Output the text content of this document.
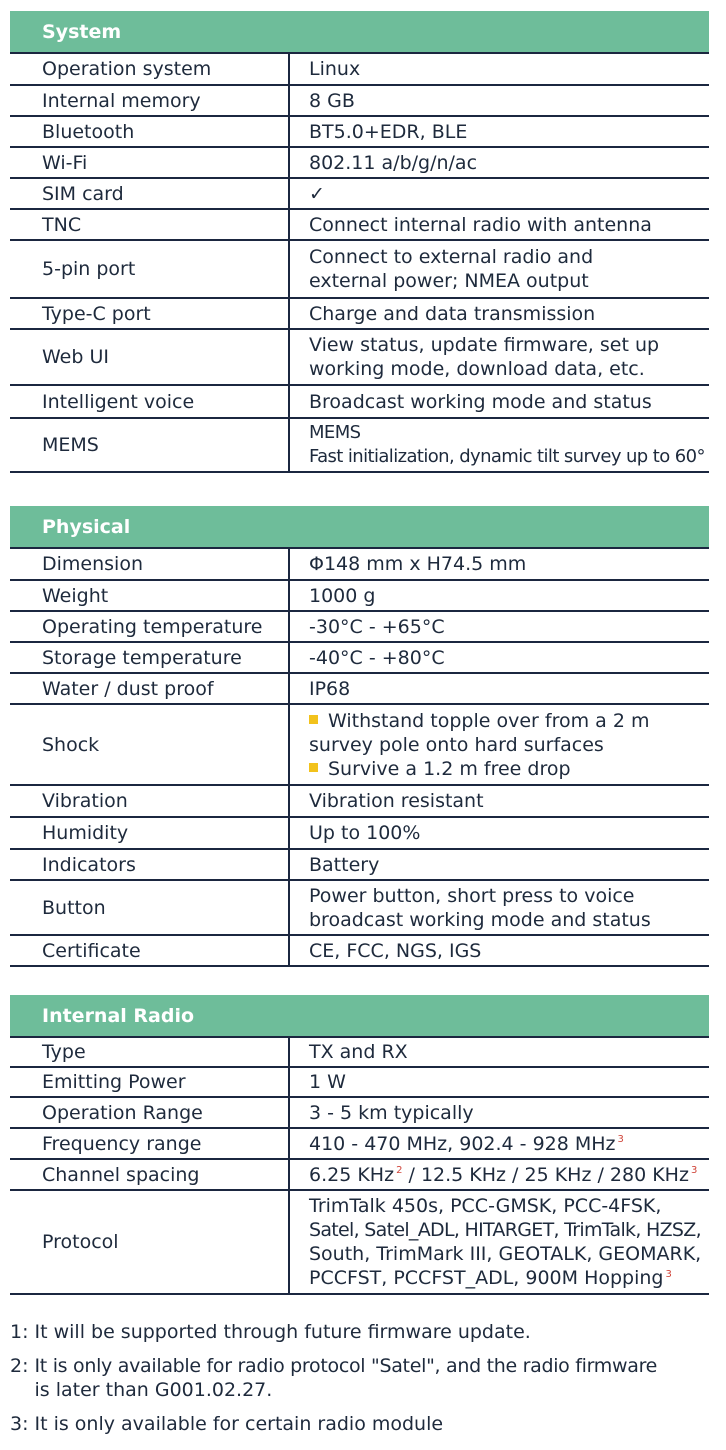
System
Operation system	Linux
Internal memory	8 GB
Bluetooth	BT5.0+EDR, BLE
Wi-Fi	802.11 a/b/g/n/ac
SIM card	✓
TNC	Connect internal radio with antenna
5-pin port	Connect to external radio and
external power; NMEA output

Type-C port	Charge and data transmission
Web UI	View status, update firmware, set up
working mode, download data, etc.

Intelligent voice	Broadcast working mode and status
MEMS	MEMS
Fast initialization, dynamic tilt survey up to 60°
Physical
Dimension	Φ148 mm x H74.5 mm
Weight	1000 g
Operating temperature	-30°C - +65°C
Storage temperature	-40°C - +80°C
Water / dust proof	IP68
Shock	Withstand topple over from a 2 m
survey pole onto hard surfaces
Survive a 1.2 m free drop

Vibration	Vibration resistant
Humidity	Up to 100%
Indicators	Battery
Button	Power button, short press to voice
broadcast working mode and status

Certificate	CE, FCC, NGS, IGS
Internal Radio
Type	TX and RX
Emitting Power	1 W
Operation Range	3 - 5 km typically
Frequency range	410 - 470 MHz, 902.4 - 928 MHz $^3$
Channel spacing	6.25 KHz $^2$ / 12.5 KHz / 25 KHz / 280 KHz $^3$
Protocol	TrimTalk 450s, PCC-GMSK, PCC-4FSK,
Satel, Satel_ADL, HITARGET, TrimTalk, HZSZ,
South, TrimMark III, GEOTALK, GEOMARK,
PCCFST, PCCFST_ADL, 900M Hopping $^3$
1: It will be supported through future firmware update.
2: It is only available for radio protocol "Satel", and the radio firmware
is later than G001.02.27.
3: It is only available for certain radio module
